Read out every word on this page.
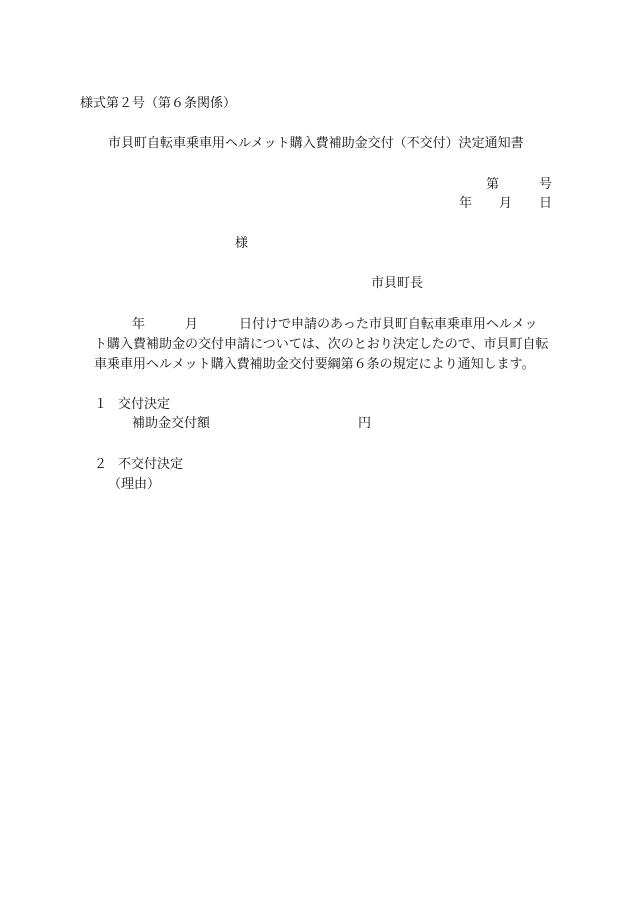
様式第２号（第６条関係）
市貝町自転車乗車用ヘルメット購入費補助金交付（不交付）決定通知書
第	号
年 月 日
様
市貝町長
年	月	日付けで申請のあった市貝町自転車乗車用ヘルメッ
ト購入費補助金の交付申請については、次のとおり決定したので、市貝町自転
車乗車用ヘルメット購入費補助金交付要綱第６条の規定により通知します。
１ 交付決定
補助金交付額	円
２ 不交付決定
（理由）
